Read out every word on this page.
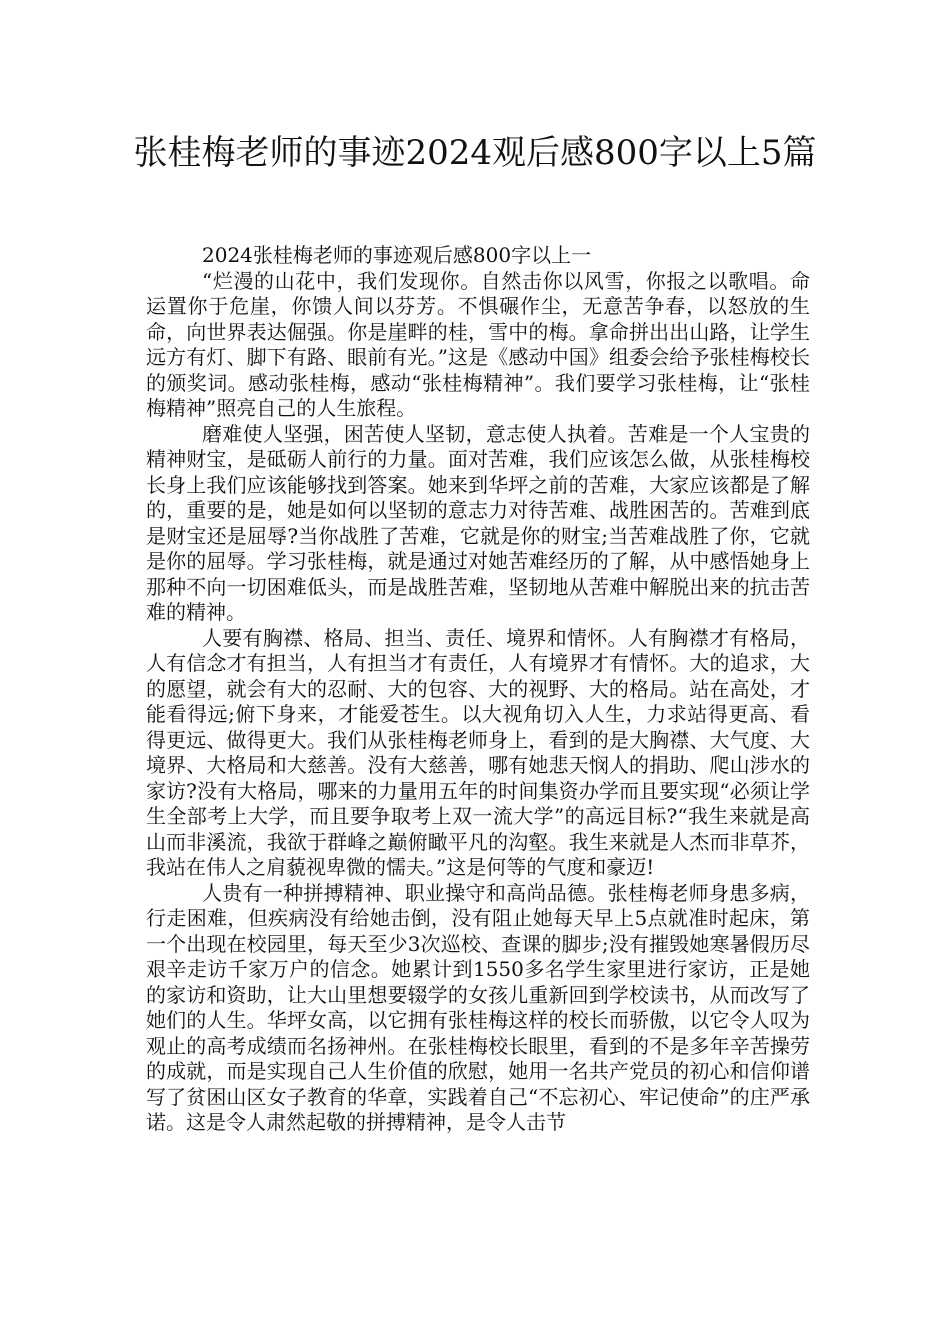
张桂梅老师的事迹2024观后感800字以上5篇

2024张桂梅老师的事迹观后感800字以上一

“烂漫的山花中，我们发现你。自然击你以风雪，你报之以歌唱。命运置你于危崖，你馈人间以芬芳。不惧碾作尘，无意苦争春，以怒放的生命，向世界表达倔强。你是崖畔的桂，雪中的梅。拿命拼出出山路，让学生远方有灯、脚下有路、眼前有光。”这是《感动中国》组委会给予张桂梅校长的颁奖词。感动张桂梅，感动“张桂梅精神”。我们要学习张桂梅，让“张桂梅精神”照亮自己的人生旅程。

磨难使人坚强，困苦使人坚韧，意志使人执着。苦难是一个人宝贵的精神财宝，是砥砺人前行的力量。面对苦难，我们应该怎么做，从张桂梅校长身上我们应该能够找到答案。她来到华坪之前的苦难，大家应该都是了解的，重要的是，她是如何以坚韧的意志力对待苦难、战胜困苦的。苦难到底是财宝还是屈辱?当你战胜了苦难，它就是你的财宝;当苦难战胜了你，它就是你的屈辱。学习张桂梅，就是通过对她苦难经历的了解，从中感悟她身上那种不向一切困难低头，而是战胜苦难，坚韧地从苦难中解脱出来的抗击苦难的精神。

人要有胸襟、格局、担当、责任、境界和情怀。人有胸襟才有格局，人有信念才有担当，人有担当才有责任，人有境界才有情怀。大的追求，大的愿望，就会有大的忍耐、大的包容、大的视野、大的格局。站在高处，才能看得远;俯下身来，才能爱苍生。以大视角切入人生，力求站得更高、看得更远、做得更大。我们从张桂梅老师身上，看到的是大胸襟、大气度、大境界、大格局和大慈善。没有大慈善，哪有她悲天悯人的捐助、爬山涉水的家访?没有大格局，哪来的力量用五年的时间集资办学而且要实现“必须让学生全部考上大学，而且要争取考上双一流大学”的高远目标?“我生来就是高山而非溪流，我欲于群峰之巅俯瞰平凡的沟壑。我生来就是人杰而非草芥，我站在伟人之肩藐视卑微的懦夫。”这是何等的气度和豪迈!

人贵有一种拼搏精神、职业操守和高尚品德。张桂梅老师身患多病，行走困难，但疾病没有给她击倒，没有阻止她每天早上5点就准时起床，第一个出现在校园里，每天至少3次巡校、查课的脚步;没有摧毁她寒暑假历尽艰辛走访千家万户的信念。她累计到1550多名学生家里进行家访，正是她的家访和资助，让大山里想要辍学的女孩儿重新回到学校读书，从而改写了她们的人生。华坪女高，以它拥有张桂梅这样的校长而骄傲，以它令人叹为观止的高考成绩而名扬神州。在张桂梅校长眼里，看到的不是多年辛苦操劳的成就，而是实现自己人生价值的欣慰，她用一名共产党员的初心和信仰谱写了贫困山区女子教育的华章，实践着自己“不忘初心、牢记使命”的庄严承诺。这是令人肃然起敬的拼搏精神，是令人击节
